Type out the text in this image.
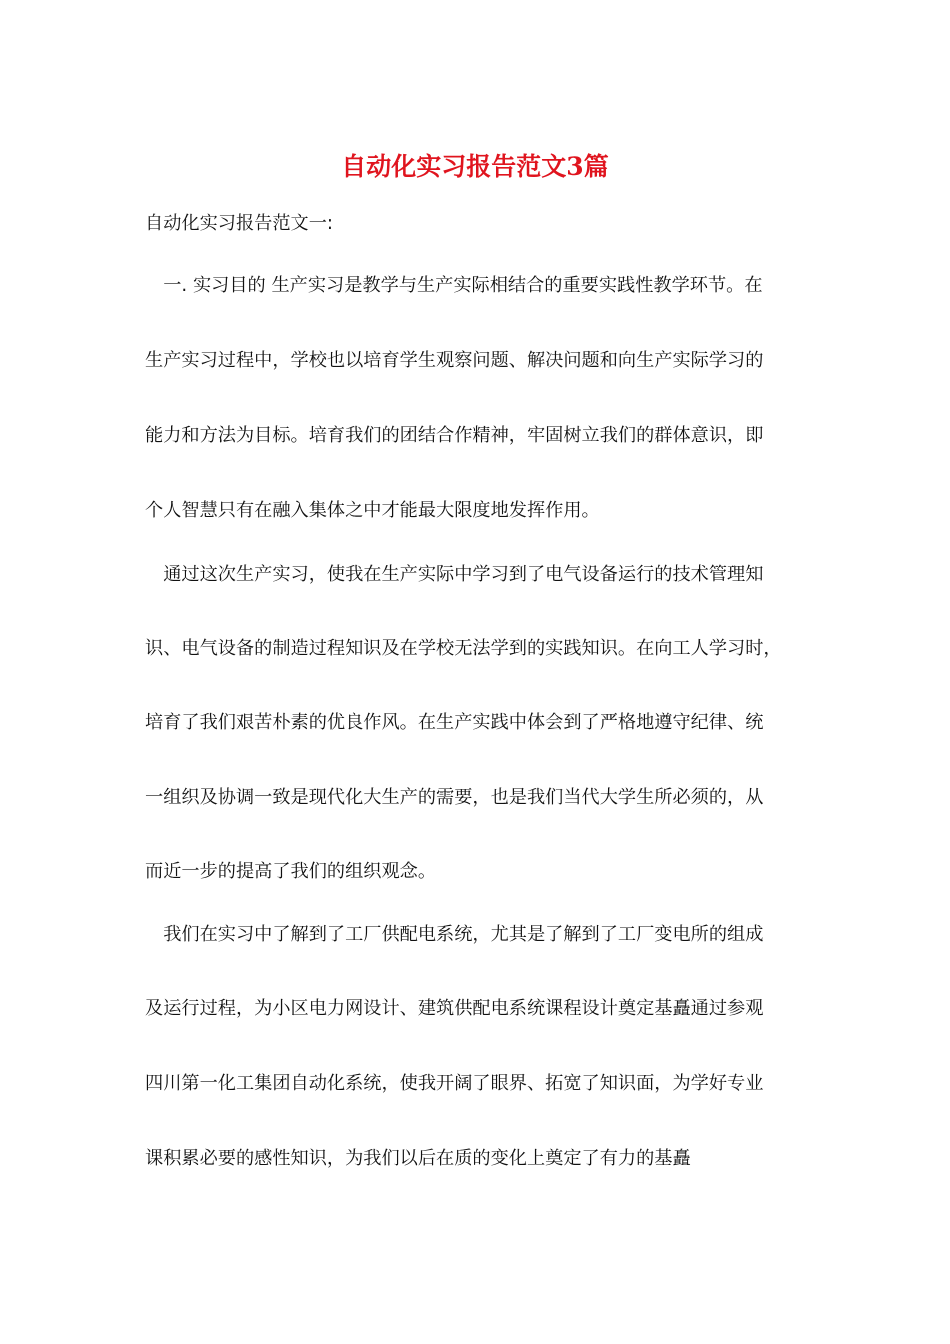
自动化实习报告范文3篇
自动化实习报告范文一:
　一. 实习目的 生产实习是教学与生产实际相结合的重要实践性教学环节。在
生产实习过程中，学校也以培育学生观察问题、解决问题和向生产实际学习的
能力和方法为目标。培育我们的团结合作精神，牢固树立我们的群体意识，即
个人智慧只有在融入集体之中才能最大限度地发挥作用。
　通过这次生产实习，使我在生产实际中学习到了电气设备运行的技术管理知
识、电气设备的制造过程知识及在学校无法学到的实践知识。在向工人学习时，
培育了我们艰苦朴素的优良作风。在生产实践中体会到了严格地遵守纪律、统
一组织及协调一致是现代化大生产的需要，也是我们当代大学生所必须的，从
而近一步的提高了我们的组织观念。
　我们在实习中了解到了工厂供配电系统，尤其是了解到了工厂变电所的组成
及运行过程，为小区电力网设计、建筑供配电系统课程设计奠定基矗通过参观
四川第一化工集团自动化系统，使我开阔了眼界、拓宽了知识面，为学好专业
课积累必要的感性知识，为我们以后在质的变化上奠定了有力的基矗
